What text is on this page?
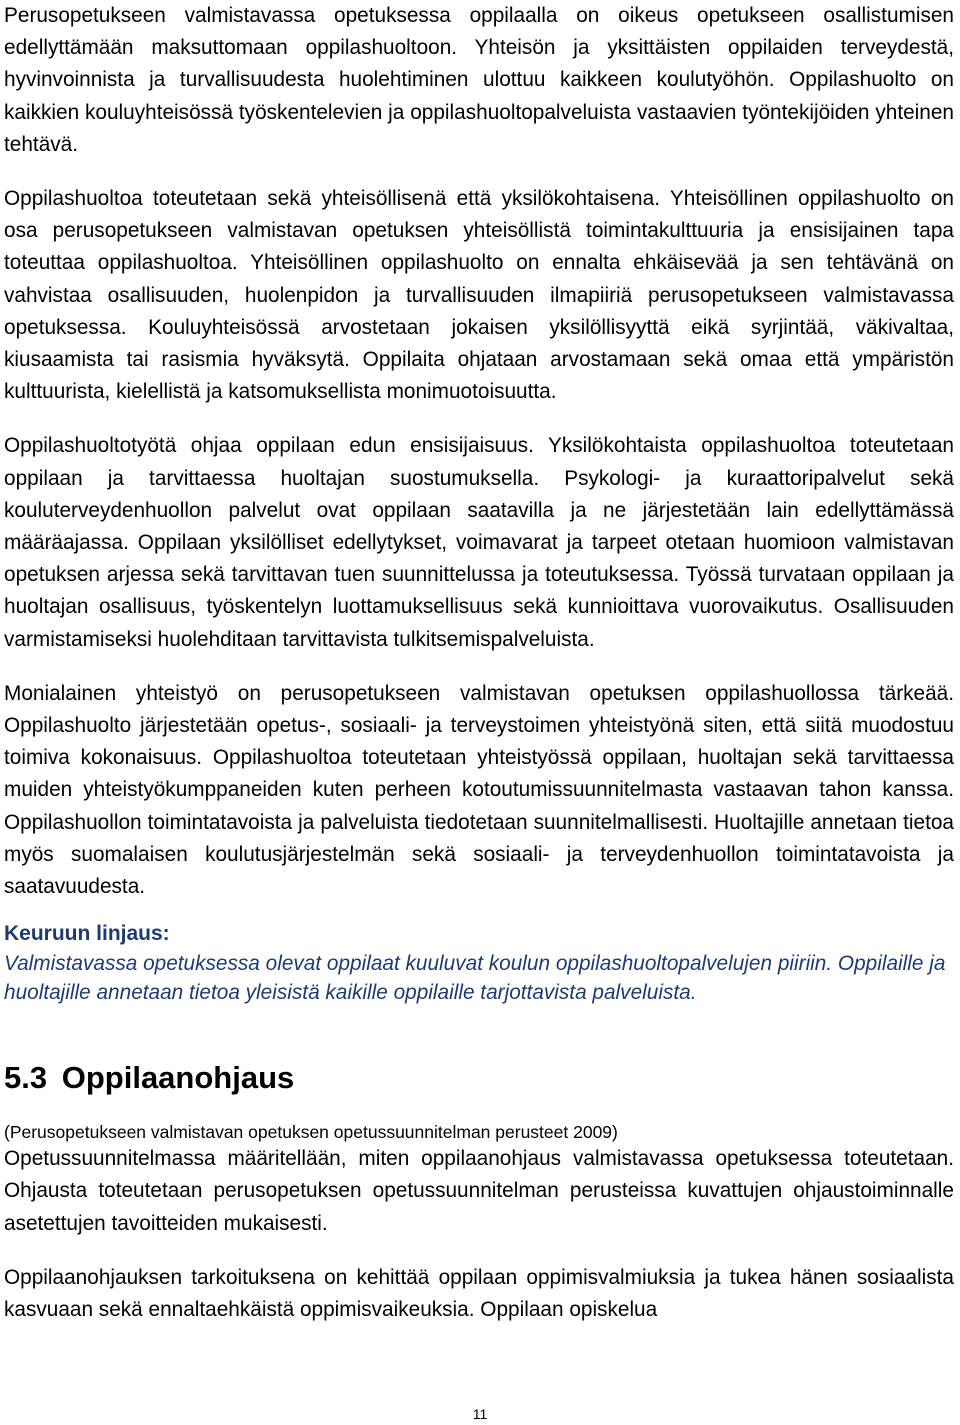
Perusopetukseen valmistavassa opetuksessa oppilaalla on oikeus opetukseen osallistumisen edellyttämään maksuttomaan oppilashuoltoon. Yhteisön ja yksittäisten oppilaiden terveydestä, hyvinvoinnista ja turvallisuudesta huolehtiminen ulottuu kaikkeen koulutyöhön. Oppilashuolto on kaikkien kouluyhteisössä työskentelevien ja oppilashuoltopalveluista vastaavien työntekijöiden yhteinen tehtävä.

Oppilashuoltoa toteutetaan sekä yhteisöllisenä että yksilökohtaisena. Yhteisöllinen oppilashuolto on osa perusopetukseen valmistavan opetuksen yhteisöllistä toimintakulttuuria ja ensisijainen tapa toteuttaa oppilashuoltoa. Yhteisöllinen oppilashuolto on ennalta ehkäisevää ja sen tehtävänä on vahvistaa osallisuuden, huolenpidon ja turvallisuuden ilmapiiriä perusopetukseen valmistavassa opetuksessa. Kouluyhteisössä arvostetaan jokaisen yksilöllisyyttä eikä syrjintää, väkivaltaa, kiusaamista tai rasismia hyväksytä. Oppilaita ohjataan arvostamaan sekä omaa että ympäristön kulttuurista, kielellistä ja katsomuksellista monimuotoisuutta.

Oppilashuoltotyötä ohjaa oppilaan edun ensisijaisuus. Yksilökohtaista oppilashuoltoa toteutetaan oppilaan ja tarvittaessa huoltajan suostumuksella. Psykologi- ja kuraattoripalvelut sekä kouluterveydenhuollon palvelut ovat oppilaan saatavilla ja ne järjestetään lain edellyttämässä määräajassa. Oppilaan yksilölliset edellytykset, voimavarat ja tarpeet otetaan huomioon valmistavan opetuksen arjessa sekä tarvittavan tuen suunnittelussa ja toteutuksessa. Työssä turvataan oppilaan ja huoltajan osallisuus, työskentelyn luottamuksellisuus sekä kunnioittava vuorovaikutus. Osallisuuden varmistamiseksi huolehditaan tarvittavista tulkitsemispalveluista.

Monialainen yhteistyö on perusopetukseen valmistavan opetuksen oppilashuollossa tärkeää. Oppilashuolto järjestetään opetus-, sosiaali- ja terveystoimen yhteistyönä siten, että siitä muodostuu toimiva kokonaisuus. Oppilashuoltoa toteutetaan yhteistyössä oppilaan, huoltajan sekä tarvittaessa muiden yhteistyökumppaneiden kuten perheen kotoutumissuunnitelmasta vastaavan tahon kanssa. Oppilashuollon toimintatavoista ja palveluista tiedotetaan suunnitelmallisesti. Huoltajille annetaan tietoa myös suomalaisen koulutusjärjestelmän sekä sosiaali- ja terveydenhuollon toimintatavoista ja saatavuudesta.

Keuruun linjaus:

Valmistavassa opetuksessa olevat oppilaat kuuluvat koulun oppilashuoltopalvelujen piiriin. Oppilaille ja huoltajille annetaan tietoa yleisistä kaikille oppilaille tarjottavista palveluista.

5.3 Oppilaanohjaus

(Perusopetukseen valmistavan opetuksen opetussuunnitelman perusteet 2009)

Opetussuunnitelmassa määritellään, miten oppilaanohjaus valmistavassa opetuksessa toteutetaan. Ohjausta toteutetaan perusopetuksen opetussuunnitelman perusteissa kuvattujen ohjaustoiminnalle asetettujen tavoitteiden mukaisesti.

Oppilaanohjauksen tarkoituksena on kehittää oppilaan oppimisvalmiuksia ja tukea hänen sosiaalista kasvuaan sekä ennaltaehkäistä oppimisvaikeuksia. Oppilaan opiskelua

11
